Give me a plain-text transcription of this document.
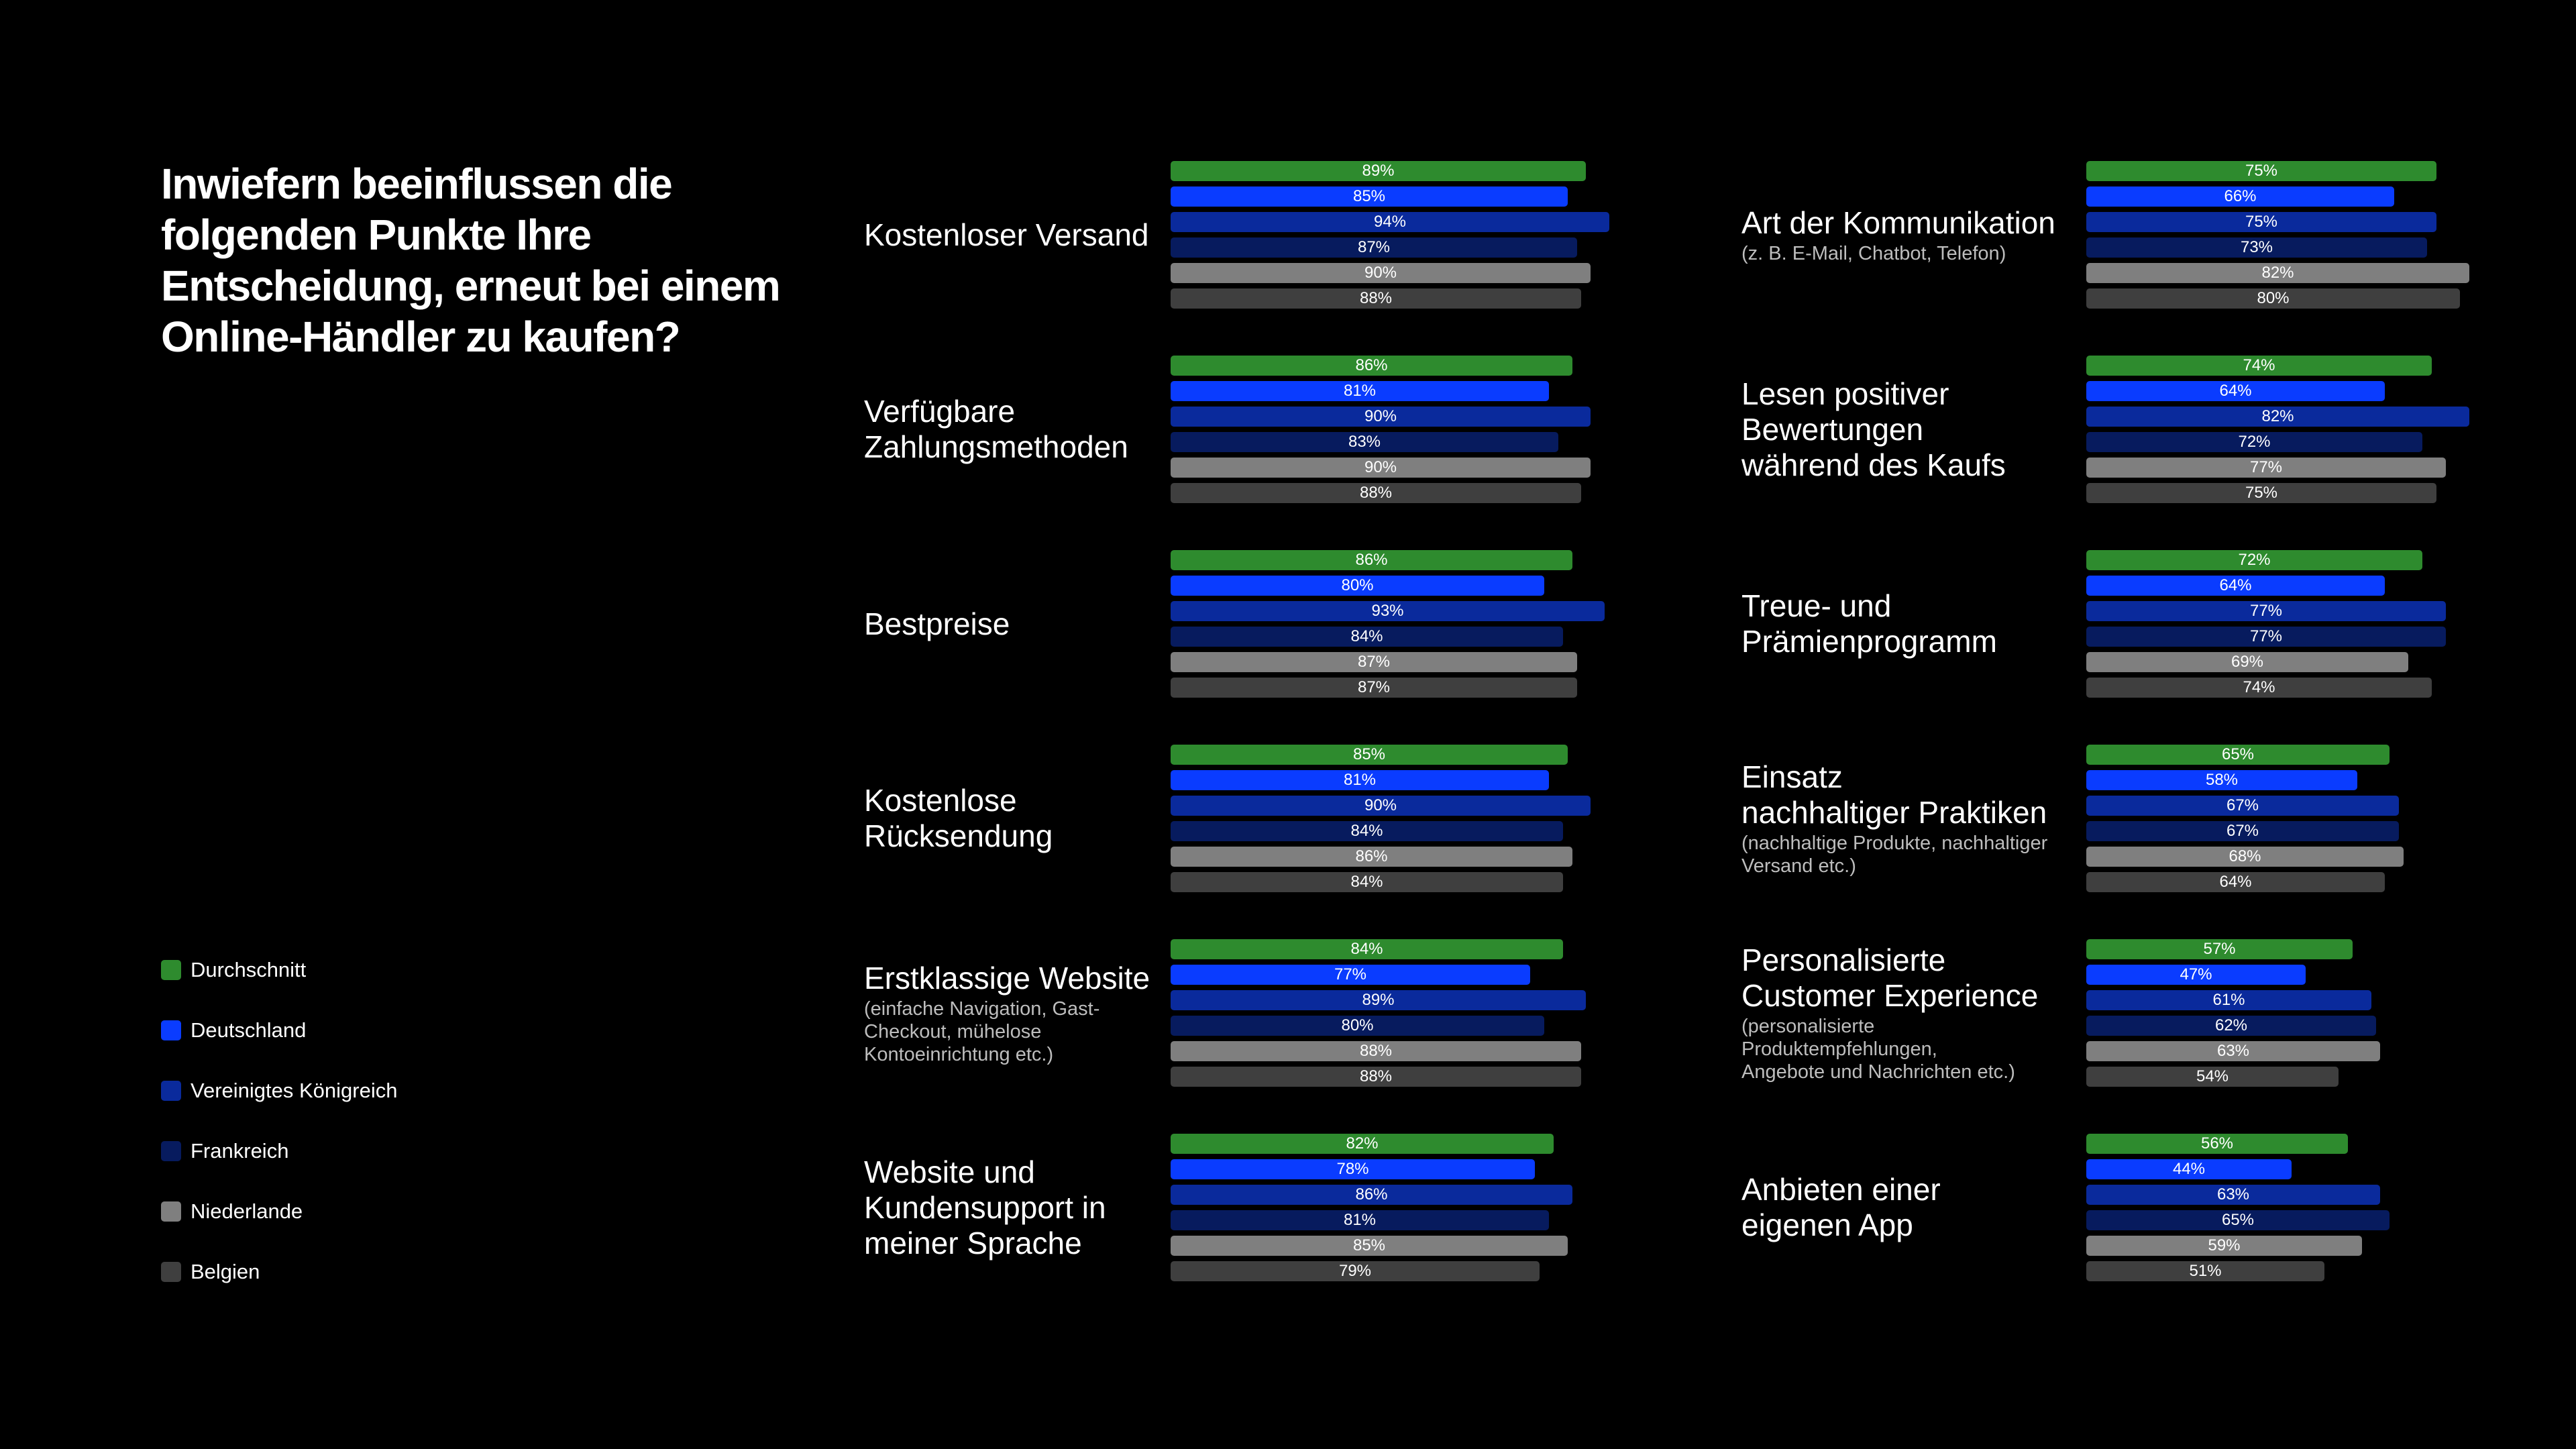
Inwiefern beeinflussen die folgenden Punkte Ihre Entscheidung, erneut bei einem Online-Händler zu kaufen?
Durchschnitt
Deutschland
Vereinigtes Königreich
Frankreich
Niederlande
Belgien
Kostenloser Versand
89%
85%
94%
87%
90%
88%
Verfügbare
Zahlungsmethoden
86%
81%
90%
83%
90%
88%
Bestpreise
86%
80%
93%
84%
87%
87%
Kostenlose
Rücksendung
85%
81%
90%
84%
86%
84%
Erstklassige Website
(einfache Navigation, Gast-
Checkout, mühelose
Kontoeinrichtung etc.)
84%
77%
89%
80%
88%
88%
Website und
Kundensupport in
meiner Sprache
82%
78%
86%
81%
85%
79%
Art der Kommunikation
(z. B. E-Mail, Chatbot, Telefon)
75%
66%
75%
73%
82%
80%
Lesen positiver
Bewertungen
während des Kaufs
74%
64%
82%
72%
77%
75%
Treue- und
Prämienprogramm
72%
64%
77%
77%
69%
74%
Einsatz
nachhaltiger Praktiken
(nachhaltige Produkte, nachhaltiger
Versand etc.)
65%
58%
67%
67%
68%
64%
Personalisierte
Customer Experience
(personalisierte
Produktempfehlungen,
Angebote und Nachrichten etc.)
57%
47%
61%
62%
63%
54%
Anbieten einer
eigenen App
56%
44%
63%
65%
59%
51%
